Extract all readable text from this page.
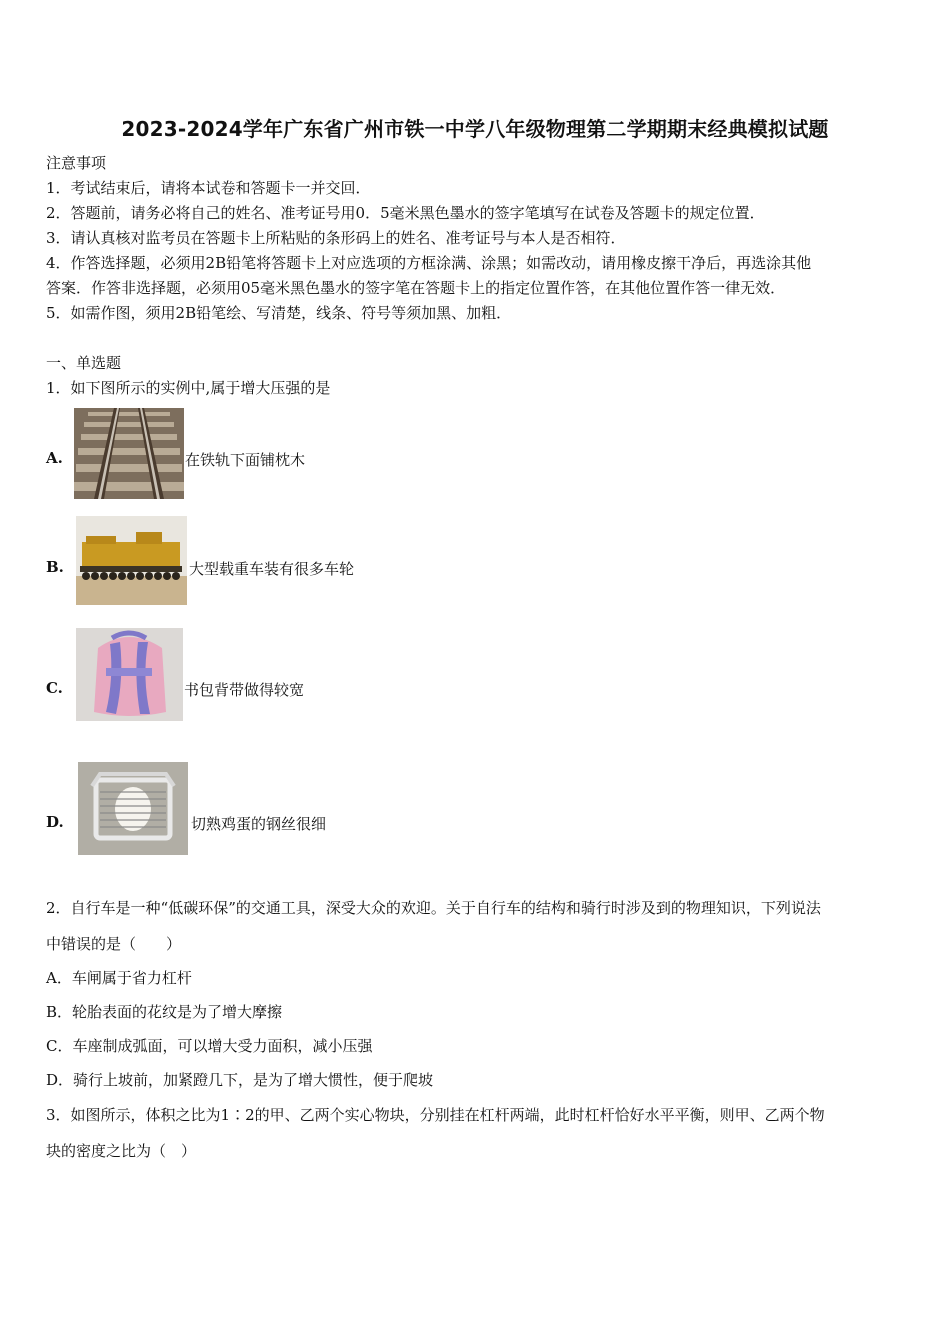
2023-2024学年广东省广州市铁一中学八年级物理第二学期期末经典模拟试题
注意事项
1．考试结束后，请将本试卷和答题卡一并交回．
2．答题前，请务必将自己的姓名、准考证号用0．5毫米黑色墨水的签字笔填写在试卷及答题卡的规定位置．
3．请认真核对监考员在答题卡上所粘贴的条形码上的姓名、准考证号与本人是否相符．
4．作答选择题，必须用2B铅笔将答题卡上对应选项的方框涂满、涂黑；如需改动，请用橡皮擦干净后，再选涂其他
答案．作答非选择题，必须用05毫米黑色墨水的签字笔在答题卡上的指定位置作答，在其他位置作答一律无效．
5．如需作图，须用2B铅笔绘、写清楚，线条、符号等须加黑、加粗．
一、单选题
1．如下图所示的实例中,属于增大压强的是
A.	在铁轨下面铺枕木
B.	大型载重车装有很多车轮
C.	书包背带做得较宽
D.	切熟鸡蛋的钢丝很细
2．自行车是一种“低碳环保”的交通工具，深受大众的欢迎。关于自行车的结构和骑行时涉及到的物理知识，下列说法
中错误的是（　　）
A．车闸属于省力杠杆
B．轮胎表面的花纹是为了增大摩擦
C．车座制成弧面，可以增大受力面积，减小压强
D．骑行上坡前，加紧蹬几下，是为了增大惯性，便于爬坡
3．如图所示，体积之比为1∶2的甲、乙两个实心物块，分别挂在杠杆两端，此时杠杆恰好水平平衡，则甲、乙两个物
块的密度之比为（　）
